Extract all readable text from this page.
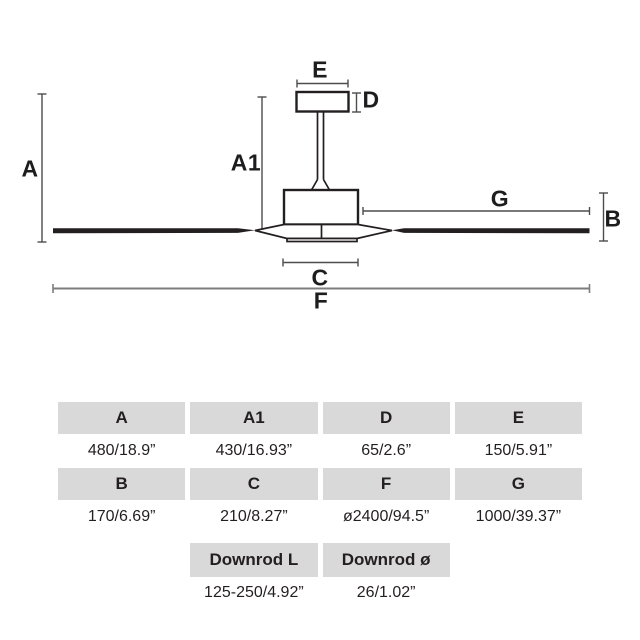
A	A1
E
D
G
B
C
F
A	A1	D	E
480/18.9”	430/16.93”	65/2.6”	150/5.91”
B	C	F	G
170/6.69”	210/8.27”	ø2400/94.5”	1000/39.37”
Downrod L	Downrod ø
125-250/4.92”	26/1.02”
